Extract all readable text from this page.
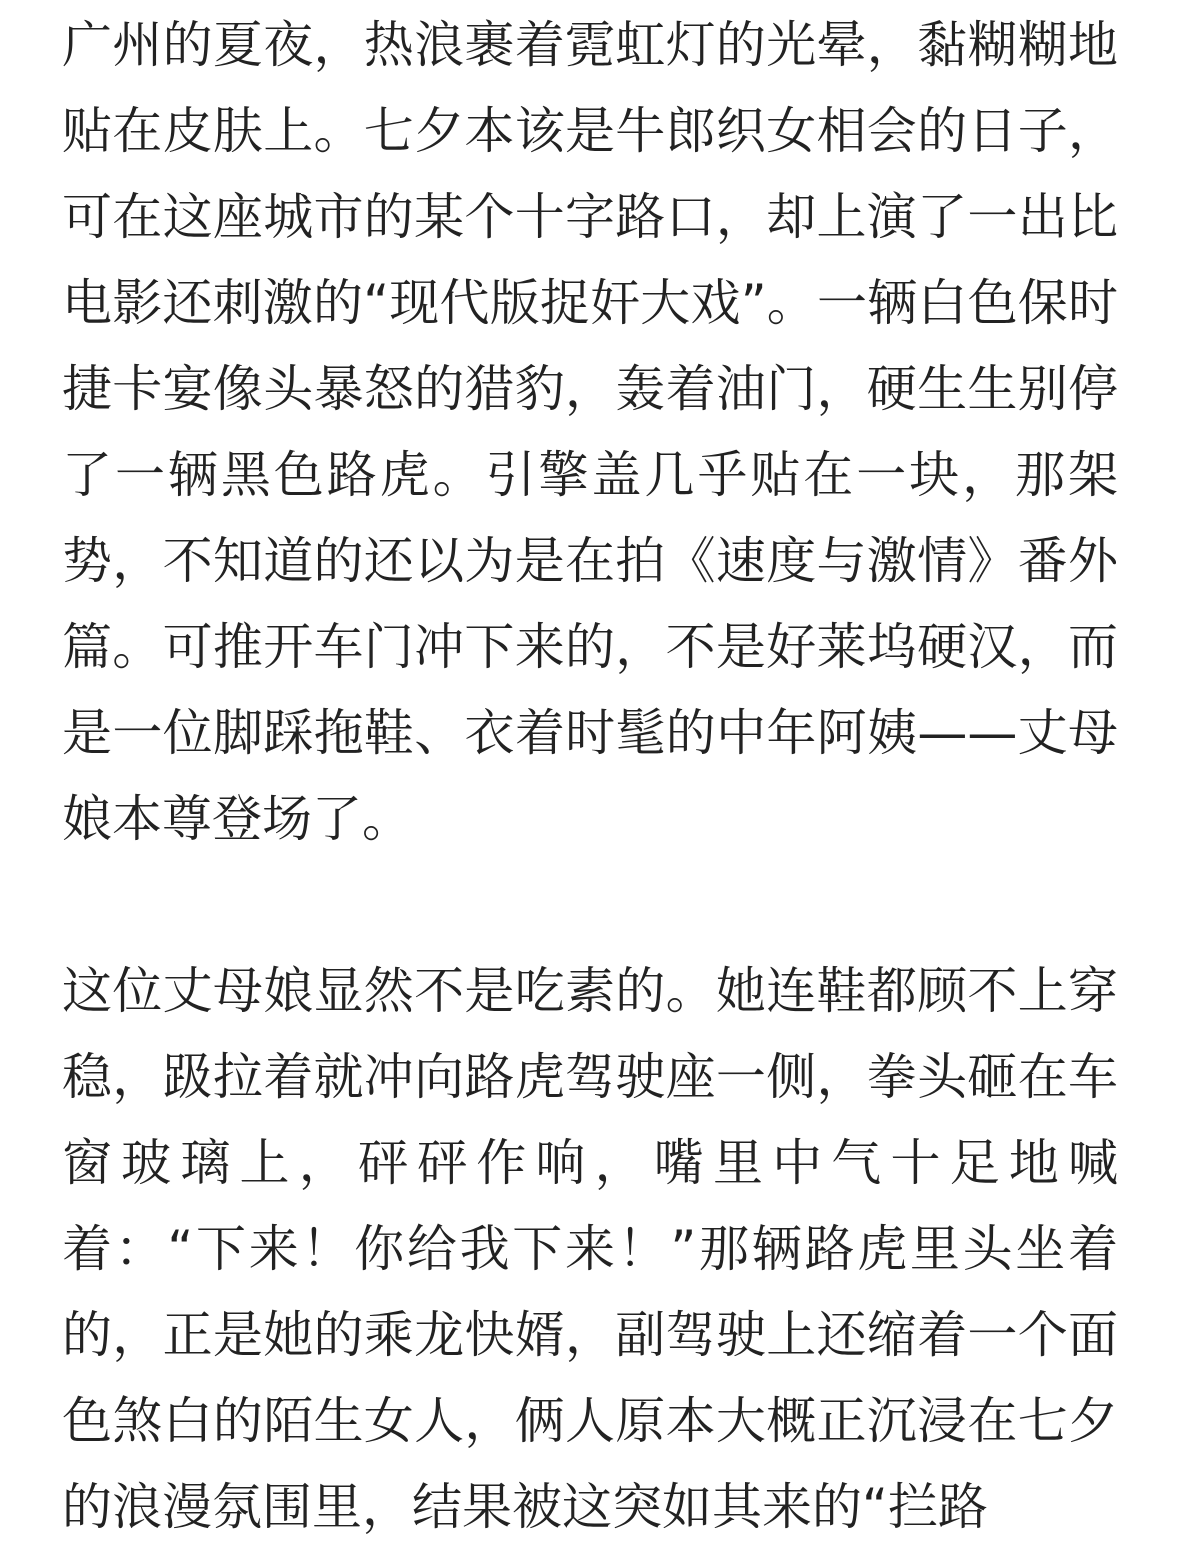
广州的夏夜，热浪裹着霓虹灯的光晕，黏糊糊地贴在皮肤上。七夕本该是牛郎织女相会的日子，可在这座城市的某个十字路口，却上演了一出比电影还刺激的“现代版捉奸大戏”。一辆白色保时捷卡宴像头暴怒的猎豹，轰着油门，硬生生别停了一辆黑色路虎。引擎盖几乎贴在一块，那架势，不知道的还以为是在拍《速度与激情》番外篇。可推开车门冲下来的，不是好莱坞硬汉，而是一位脚踩拖鞋、衣着时髦的中年阿姨——丈母娘本尊登场了。

这位丈母娘显然不是吃素的。她连鞋都顾不上穿稳，趿拉着就冲向路虎驾驶座一侧，拳头砸在车窗玻璃上，砰砰作响，嘴里中气十足地喊着：“下来！你给我下来！”那辆路虎里头坐着的，正是她的乘龙快婿，副驾驶上还缩着一个面色煞白的陌生女人，俩人原本大概正沉浸在七夕的浪漫氛围里，结果被这突如其来的“拦路
